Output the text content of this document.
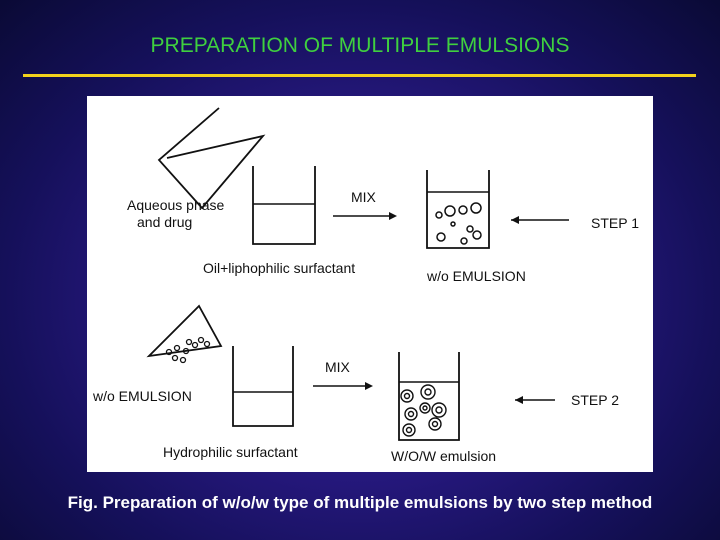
PREPARATION OF MULTIPLE EMULSIONS
Aqueous phase
and drug
Oil+liphophilic surfactant
MIX
w/o EMULSION
STEP 1
w/o EMULSION
Hydrophilic surfactant
MIX
W/O/W emulsion
STEP 2
Fig. Preparation of w/o/w type of multiple emulsions by two step method
